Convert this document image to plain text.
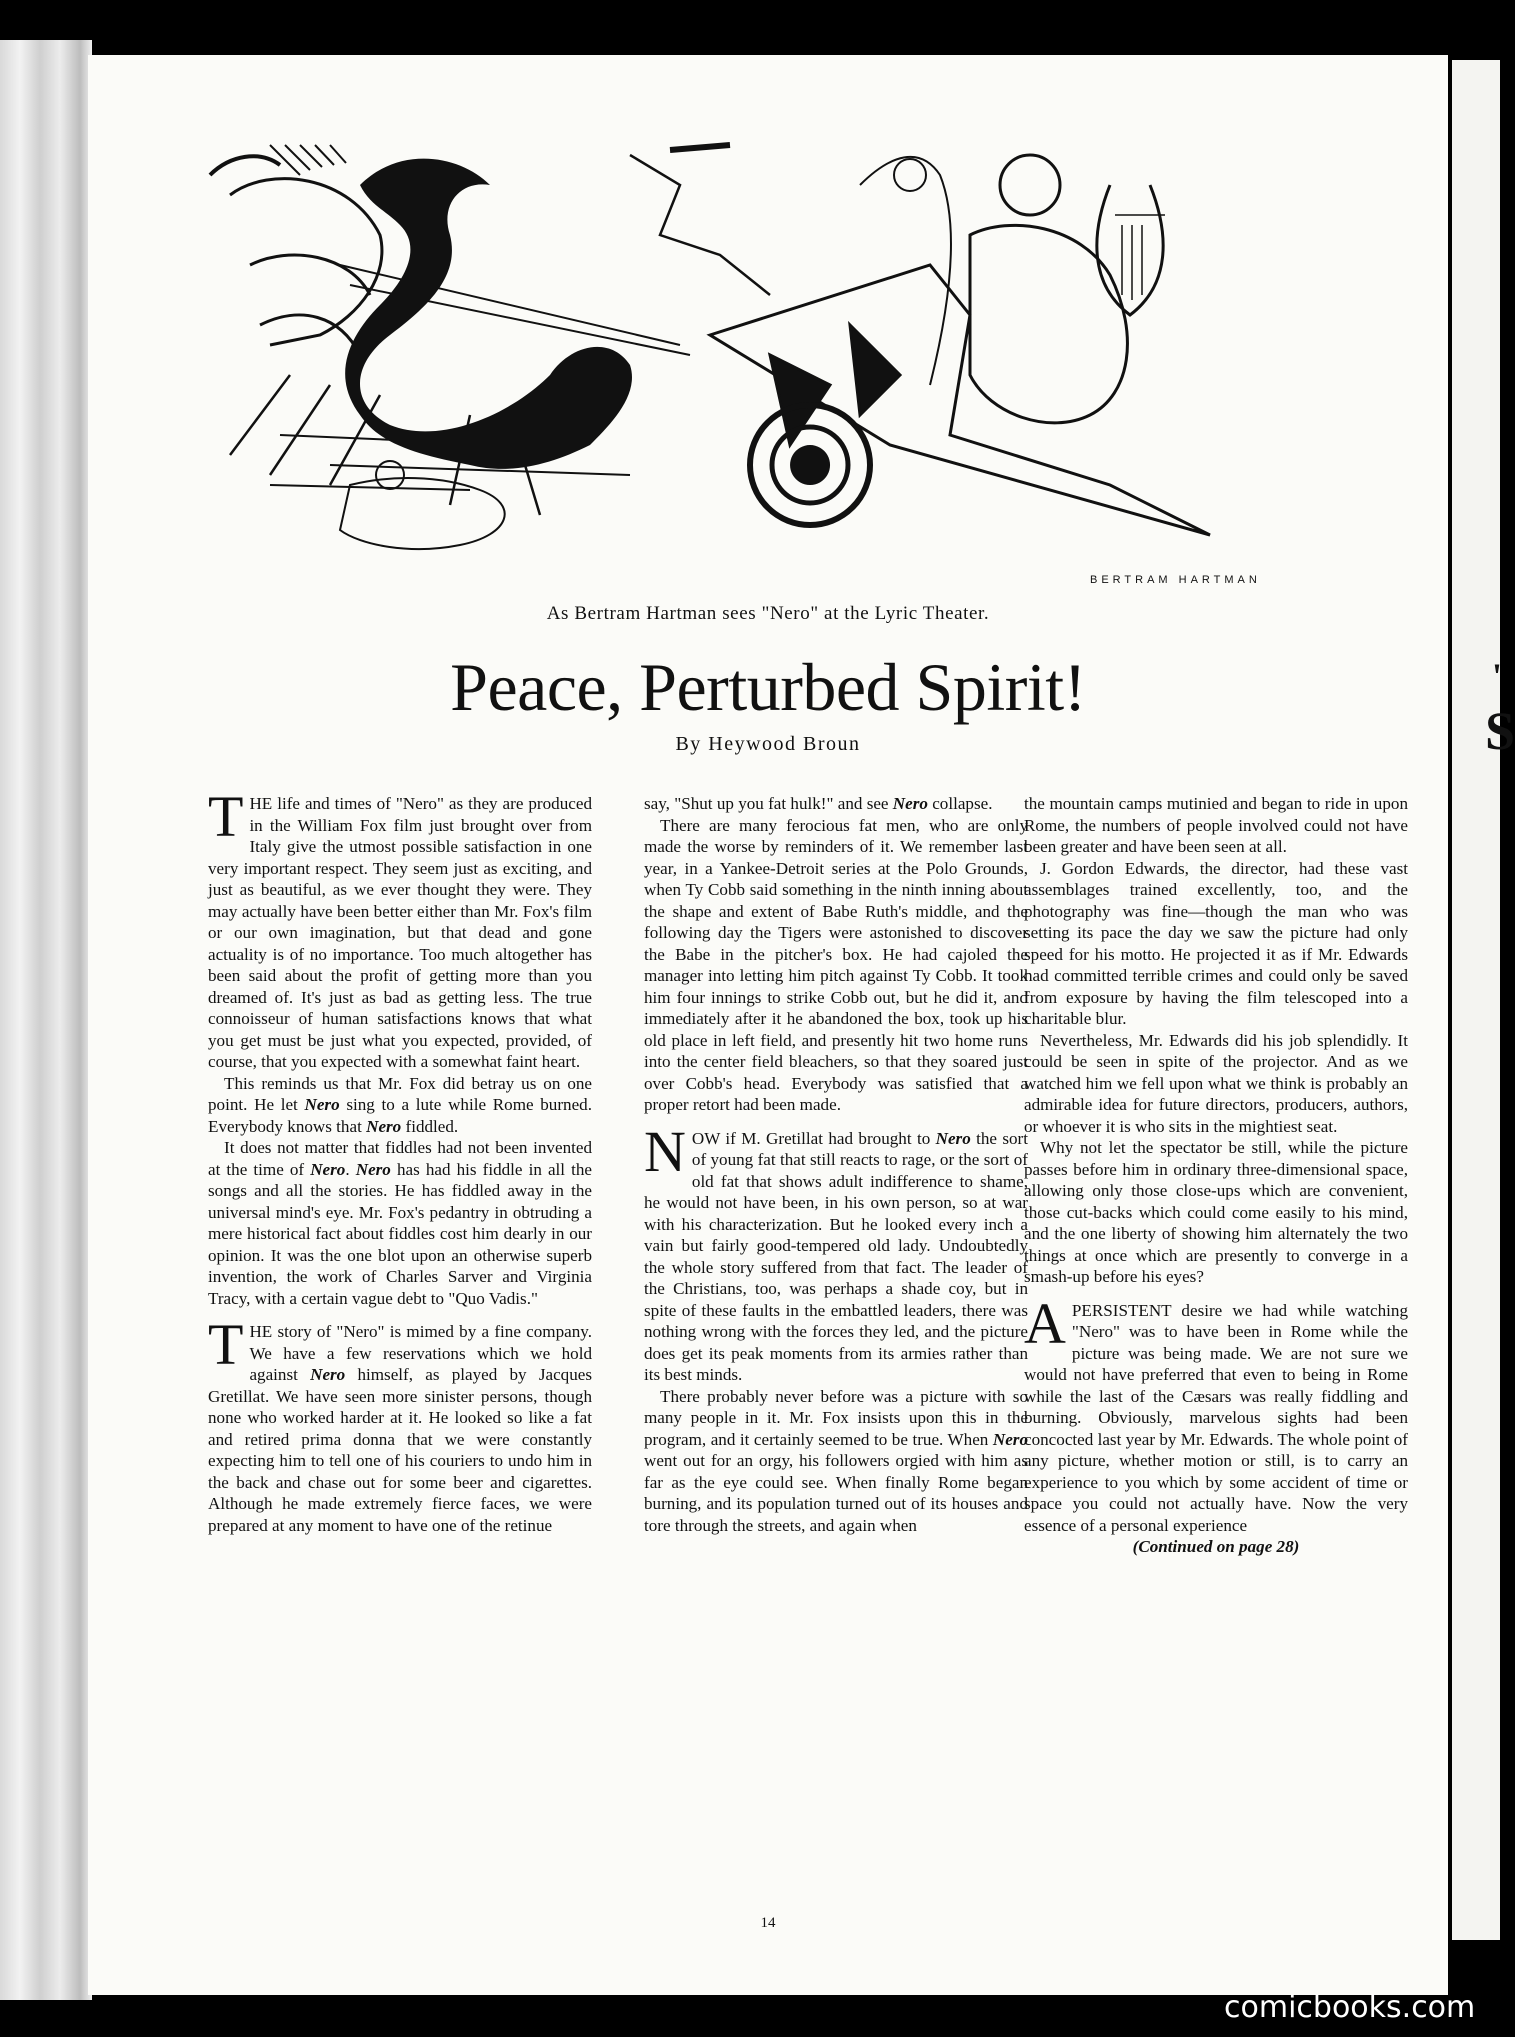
'
S
BERTRAM HARTMAN
As Bertram Hartman sees "Nero" at the Lyric Theater.
Peace, Perturbed Spirit!
By Heywood Broun

THE life and times of "Nero" as they are produced in the William Fox film just brought over from Italy give the utmost possible satisfaction in one very important respect. They seem just as exciting, and just as beautiful, as we ever thought they were. They may actually have been better either than Mr. Fox's film or our own imagination, but that dead and gone actuality is of no importance. Too much altogether has been said about the profit of getting more than you dreamed of. It's just as bad as getting less. The true connoisseur of human satisfactions knows that what you get must be just what you expected, provided, of course, that you expected with a somewhat faint heart.

This reminds us that Mr. Fox did betray us on one point. He let Nero sing to a lute while Rome burned. Everybody knows that Nero fiddled.

It does not matter that fiddles had not been invented at the time of Nero. Nero has had his fiddle in all the songs and all the stories. He has fiddled away in the universal mind's eye. Mr. Fox's pedantry in obtruding a mere historical fact about fiddles cost him dearly in our opinion. It was the one blot upon an otherwise superb invention, the work of Charles Sarver and Virginia Tracy, with a certain vague debt to "Quo Vadis."

THE story of "Nero" is mimed by a fine company. We have a few reservations which we hold against Nero himself, as played by Jacques Gretillat. We have seen more sinister persons, though none who worked harder at it. He looked so like a fat and retired prima donna that we were constantly expecting him to tell one of his couriers to undo him in the back and chase out for some beer and cigarettes. Although he made extremely fierce faces, we were prepared at any moment to have one of the retinue

say, "Shut up you fat hulk!" and see Nero collapse.

There are many ferocious fat men, who are only made the worse by reminders of it. We remember last year, in a Yankee-Detroit series at the Polo Grounds, when Ty Cobb said something in the ninth inning about the shape and extent of Babe Ruth's middle, and the following day the Tigers were astonished to discover the Babe in the pitcher's box. He had cajoled the manager into letting him pitch against Ty Cobb. It took him four innings to strike Cobb out, but he did it, and immediately after it he abandoned the box, took up his old place in left field, and presently hit two home runs into the center field bleachers, so that they soared just over Cobb's head. Everybody was satisfied that a proper retort had been made.

NOW if M. Gretillat had brought to Nero the sort of young fat that still reacts to rage, or the sort of old fat that shows adult indifference to shame, he would not have been, in his own person, so at war with his characterization. But he looked every inch a vain but fairly good-tempered old lady. Undoubtedly the whole story suffered from that fact. The leader of the Christians, too, was perhaps a shade coy, but in spite of these faults in the embattled leaders, there was nothing wrong with the forces they led, and the picture does get its peak moments from its armies rather than its best minds.

There probably never before was a picture with so many people in it. Mr. Fox insists upon this in the program, and it certainly seemed to be true. When Nero went out for an orgy, his followers orgied with him as far as the eye could see. When finally Rome began burning, and its population turned out of its houses and tore through the streets, and again when

the mountain camps mutinied and began to ride in upon Rome, the numbers of people involved could not have been greater and have been seen at all.

J. Gordon Edwards, the director, had these vast assemblages trained excellently, too, and the photography was fine—though the man who was setting its pace the day we saw the picture had only speed for his motto. He projected it as if Mr. Edwards had committed terrible crimes and could only be saved from exposure by having the film telescoped into a charitable blur.

Nevertheless, Mr. Edwards did his job splendidly. It could be seen in spite of the projector. And as we watched him we fell upon what we think is probably an admirable idea for future directors, producers, authors, or whoever it is who sits in the mightiest seat.

Why not let the spectator be still, while the picture passes before him in ordinary three-dimensional space, allowing only those close-ups which are convenient, those cut-backs which could come easily to his mind, and the one liberty of showing him alternately the two things at once which are presently to converge in a smash-up before his eyes?

APERSISTENT desire we had while watching "Nero" was to have been in Rome while the picture was being made. We are not sure we would not have preferred that even to being in Rome while the last of the Cæsars was really fiddling and burning. Obviously, marvelous sights had been concocted last year by Mr. Edwards. The whole point of any picture, whether motion or still, is to carry an experience to you which by some accident of time or space you could not actually have. Now the very essence of a personal experience

(Continued on page 28)

14
comicbooks.com
